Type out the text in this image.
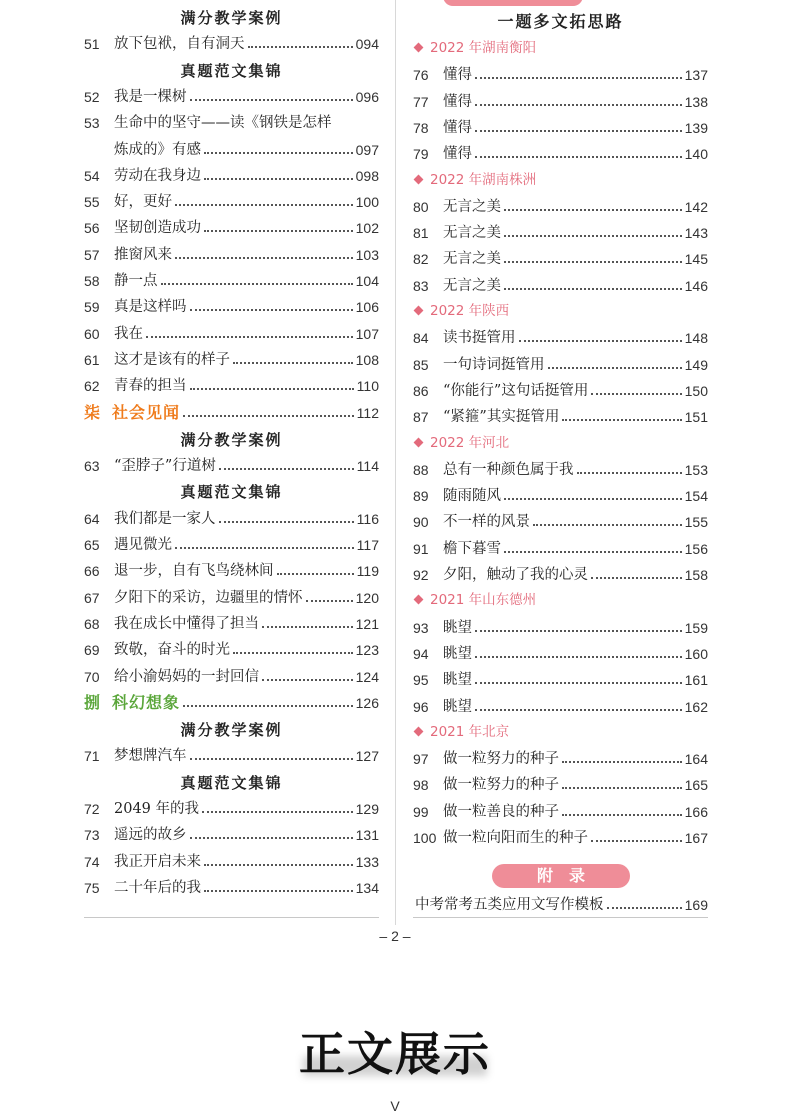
满分教学案例
51 放下包袱，自有洞天	094
真题范文集锦
52 我是一棵树	096
53 生命中的坚守——读《钢铁是怎样
炼成的》有感	097
54 劳动在我身边	098
55 好，更好	100
56 坚韧创造成功	102
57 推窗风来	103
58 静一点	104
59 真是这样吗	106
60 我在	107
61 这才是该有的样子	108
62 青春的担当	110
柒 社会见闻	112
满分教学案例
63 “歪脖子”行道树	114
真题范文集锦
64 我们都是一家人	116
65 遇见微光	117
66 退一步，自有飞鸟绕林间	119
67 夕阳下的采访，边疆里的情怀	120
68 我在成长中懂得了担当	121
69 致敬，奋斗的时光	123
70 给小渝妈妈的一封回信	124
捌 科幻想象	126
满分教学案例
71 梦想牌汽车	127
真题范文集锦
72 2049 年的我	129
73 遥远的故乡	131
74 我正开启未来	133
75 二十年后的我	134
一题多文拓思路
2022 年湖南衡阳
76 懂得	137
77 懂得	138
78 懂得	139
79 懂得	140
2022 年湖南株洲
80 无言之美	142
81 无言之美	143
82 无言之美	145
83 无言之美	146
2022 年陕西
84 读书挺管用	148
85 一句诗词挺管用	149
86 “你能行”这句话挺管用	150
87 “紧箍”其实挺管用	151
2022 年河北
88 总有一种颜色属于我	153
89 随雨随风	154
90 不一样的风景	155
91 檐下暮雪	156
92 夕阳，触动了我的心灵	158
2021 年山东德州
93 眺望	159
94 眺望	160
95 眺望	161
96 眺望	162
2021 年北京
97 做一粒努力的种子	164
98 做一粒努力的种子	165
99 做一粒善良的种子	166
100 做一粒向阳而生的种子	167
中考常考五类应用文写作模板	169
附录
– 2 –
正文展示
V
